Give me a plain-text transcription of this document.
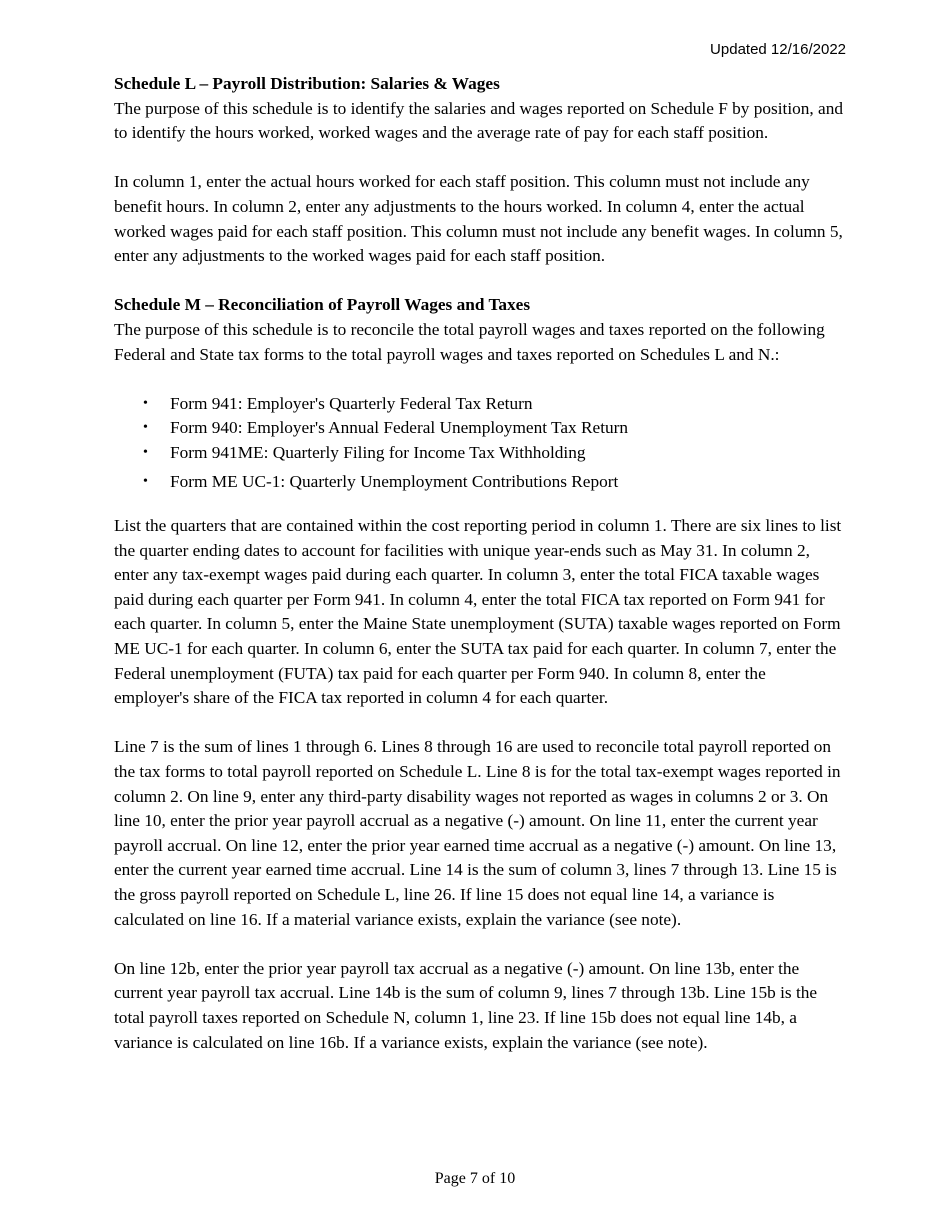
Updated 12/16/2022

Schedule L – Payroll Distribution: Salaries & Wages

The purpose of this schedule is to identify the salaries and wages reported on Schedule F by position, and to identify the hours worked, worked wages and the average rate of pay for each staff position.

In column 1, enter the actual hours worked for each staff position. This column must not include any benefit hours. In column 2, enter any adjustments to the hours worked. In column 4, enter the actual worked wages paid for each staff position. This column must not include any benefit wages. In column 5, enter any adjustments to the worked wages paid for each staff position.

Schedule M – Reconciliation of Payroll Wages and Taxes

The purpose of this schedule is to reconcile the total payroll wages and taxes reported on the following Federal and State tax forms to the total payroll wages and taxes reported on Schedules L and N.:

• Form 941: Employer's Quarterly Federal Tax Return
• Form 940: Employer's Annual Federal Unemployment Tax Return
• Form 941ME: Quarterly Filing for Income Tax Withholding
• Form ME UC-1: Quarterly Unemployment Contributions Report

List the quarters that are contained within the cost reporting period in column 1. There are six lines to list the quarter ending dates to account for facilities with unique year-ends such as May 31. In column 2, enter any tax-exempt wages paid during each quarter. In column 3, enter the total FICA taxable wages paid during each quarter per Form 941. In column 4, enter the total FICA tax reported on Form 941 for each quarter. In column 5, enter the Maine State unemployment (SUTA) taxable wages reported on Form ME UC-1 for each quarter. In column 6, enter the SUTA tax paid for each quarter. In column 7, enter the Federal unemployment (FUTA) tax paid for each quarter per Form 940. In column 8, enter the employer's share of the FICA tax reported in column 4 for each quarter.

Line 7 is the sum of lines 1 through 6. Lines 8 through 16 are used to reconcile total payroll reported on the tax forms to total payroll reported on Schedule L. Line 8 is for the total tax-exempt wages reported in column 2. On line 9, enter any third-party disability wages not reported as wages in columns 2 or 3. On line 10, enter the prior year payroll accrual as a negative (-) amount. On line 11, enter the current year payroll accrual. On line 12, enter the prior year earned time accrual as a negative (-) amount. On line 13, enter the current year earned time accrual. Line 14 is the sum of column 3, lines 7 through 13. Line 15 is the gross payroll reported on Schedule L, line 26. If line 15 does not equal line 14, a variance is calculated on line 16. If a material variance exists, explain the variance (see note).

On line 12b, enter the prior year payroll tax accrual as a negative (-) amount. On line 13b, enter the current year payroll tax accrual. Line 14b is the sum of column 9, lines 7 through 13b. Line 15b is the total payroll taxes reported on Schedule N, column 1, line 23. If line 15b does not equal line 14b, a variance is calculated on line 16b. If a variance exists, explain the variance (see note).

Page 7 of 10
